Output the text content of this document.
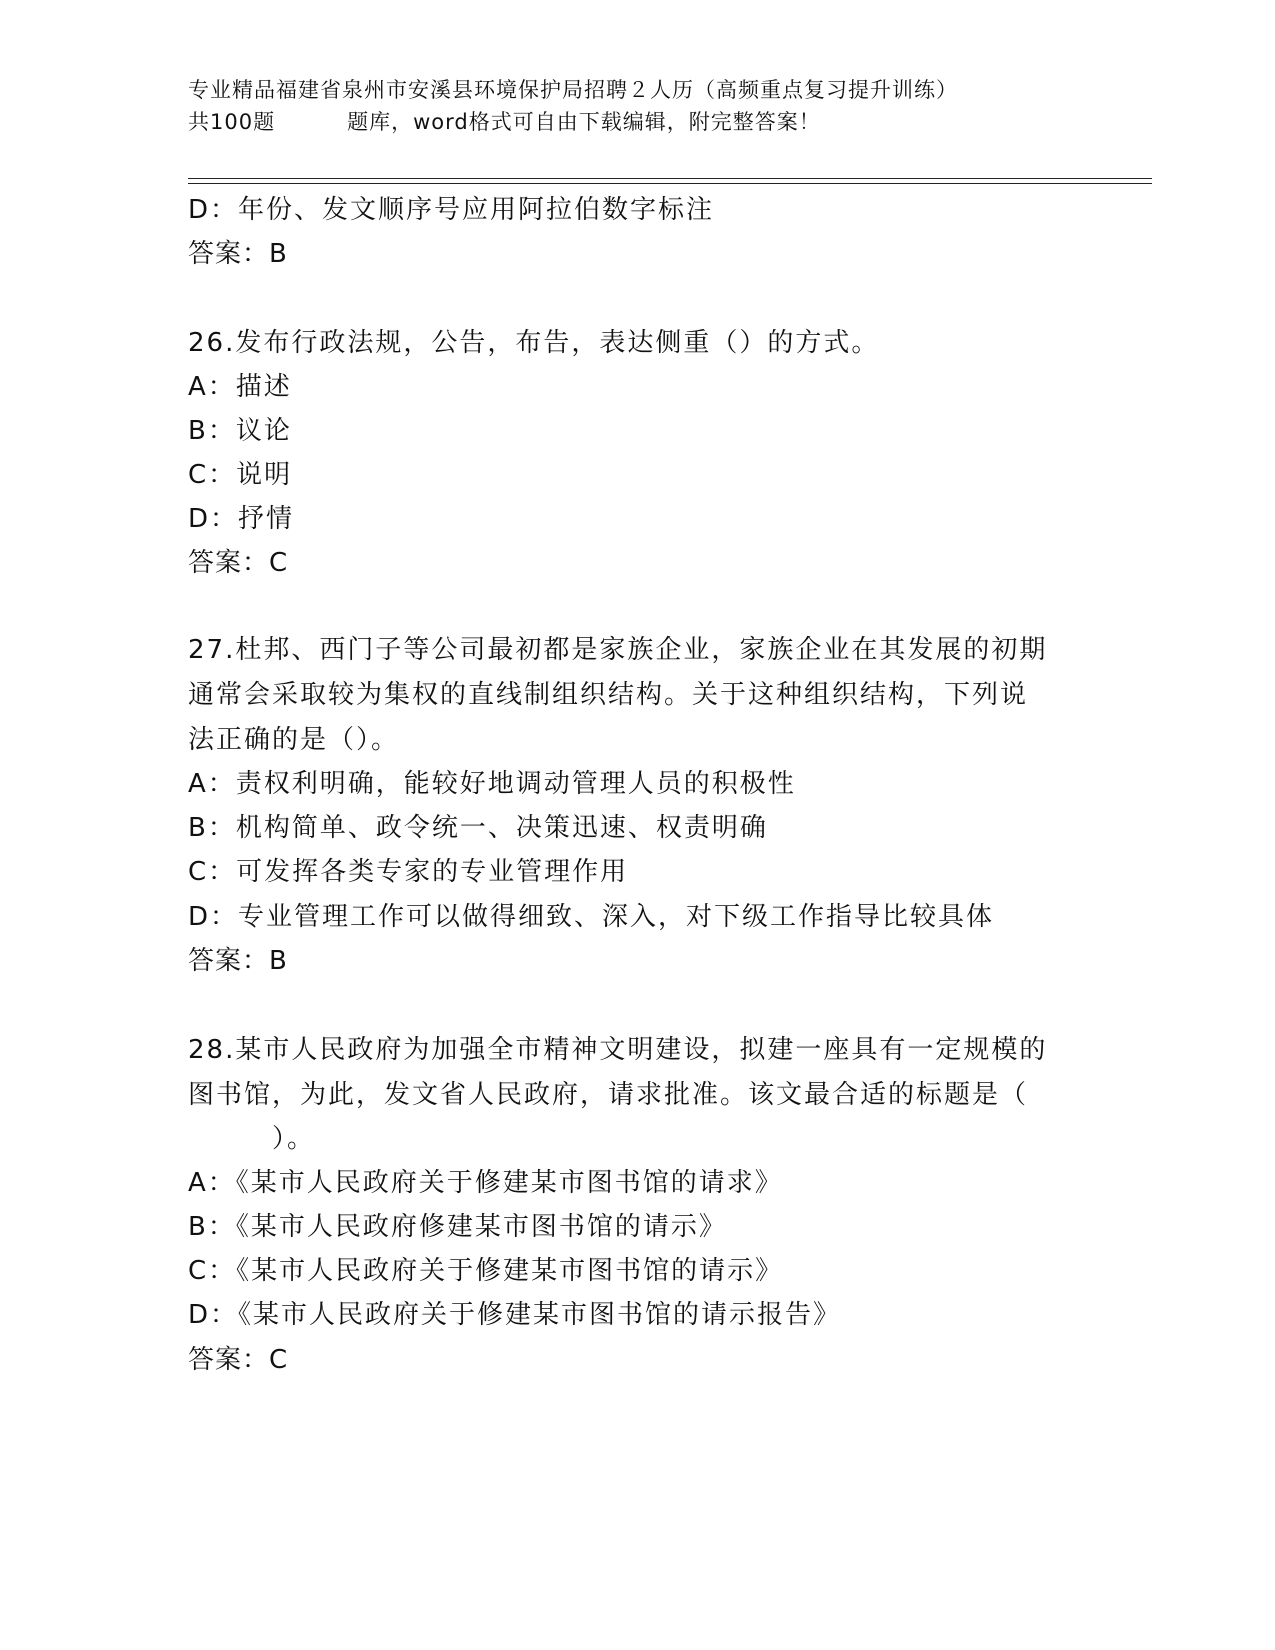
专业精品福建省泉州市安溪县环境保护局招聘２人历（高频重点复习提升训练）
共100题	题库，word格式可自由下载编辑，附完整答案！
D：年份、发文顺序号应用阿拉伯数字标注
答案：B
26.发布行政法规，公告，布告，表达侧重（）的方式。
A：描述
B：议论
C：说明
D：抒情
答案：C
27.杜邦、西门子等公司最初都是家族企业，家族企业在其发展的初期
通常会采取较为集权的直线制组织结构。关于这种组织结构，下列说
法正确的是（）。
A：责权利明确，能较好地调动管理人员的积极性
B：机构简单、政令统一、决策迅速、权责明确
C：可发挥各类专家的专业管理作用
D：专业管理工作可以做得细致、深入，对下级工作指导比较具体
答案：B
28.某市人民政府为加强全市精神文明建设，拟建一座具有一定规模的
图书馆，为此，发文省人民政府，请求批准。该文最合适的标题是（
）。
A：《某市人民政府关于修建某市图书馆的请求》
B：《某市人民政府修建某市图书馆的请示》
C：《某市人民政府关于修建某市图书馆的请示》
D：《某市人民政府关于修建某市图书馆的请示报告》
答案：C
